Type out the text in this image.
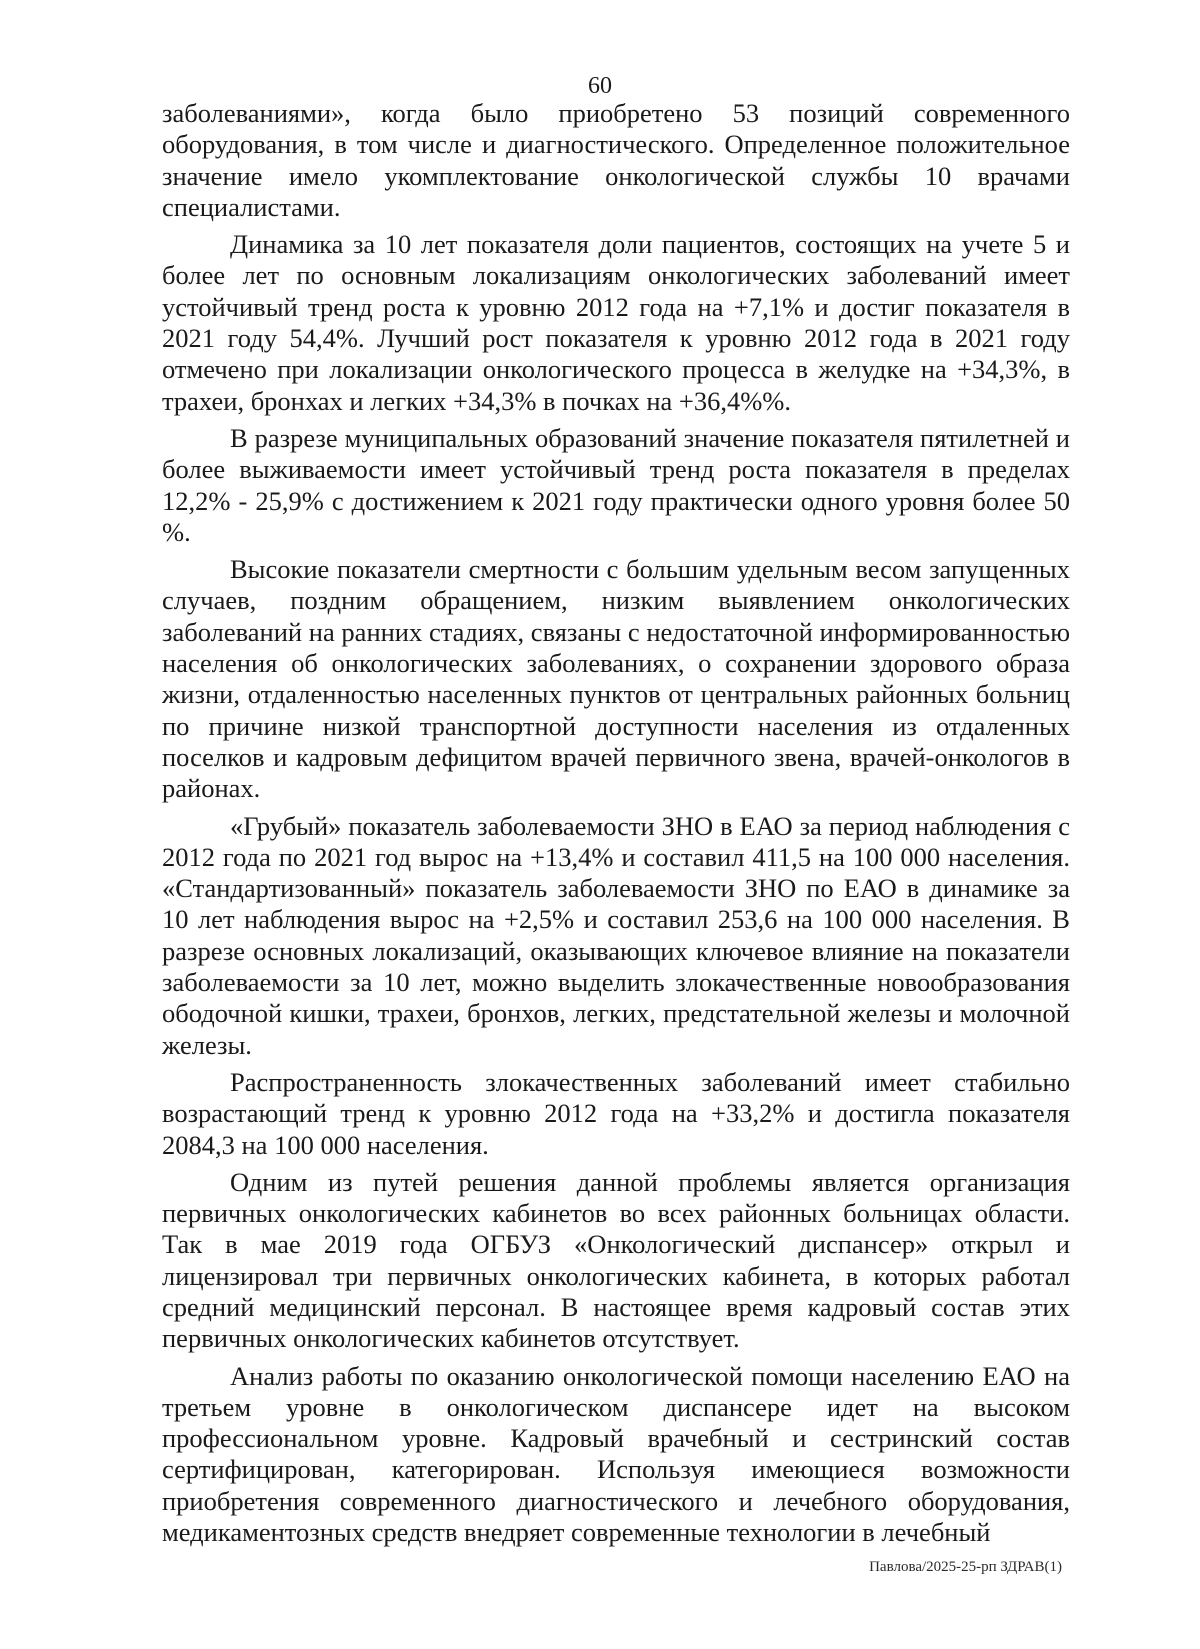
60

заболеваниями», когда было приобретено 53 позиций современного оборудования, в том числе и диагностического. Определенное положительное значение имело укомплектование онкологической службы 10 врачами специалистами.

Динамика за 10 лет показателя доли пациентов, состоящих на учете 5 и более лет по основным локализациям онкологических заболеваний имеет устойчивый тренд роста к уровню 2012 года на +7,1% и достиг показателя в 2021 году 54,4%. Лучший рост показателя к уровню 2012 года в 2021 году отмечено при локализации онкологического процесса в желудке на +34,3%, в трахеи, бронхах и легких +34,3% в почках на +36,4%%.

В разрезе муниципальных образований значение показателя пятилетней и более выживаемости имеет устойчивый тренд роста показателя в пределах 12,2% - 25,9% с достижением к 2021 году практически одного уровня более 50 %.

Высокие показатели смертности с большим удельным весом запущенных случаев, поздним обращением, низким выявлением онкологических заболеваний на ранних стадиях, связаны с недостаточной информированностью населения об онкологических заболеваниях, о сохранении здорового образа жизни, отдаленностью населенных пунктов от центральных районных больниц по причине низкой транспортной доступности населения из отдаленных поселков и кадровым дефицитом врачей первичного звена, врачей-онкологов в районах.

«Грубый» показатель заболеваемости ЗНО в ЕАО за период наблюдения с 2012 года по 2021 год вырос на +13,4% и составил 411,5 на 100 000 населения. «Стандартизованный» показатель заболеваемости ЗНО по ЕАО в динамике за 10 лет наблюдения вырос на +2,5% и составил 253,6 на 100 000 населения. В разрезе основных локализаций, оказывающих ключевое влияние на показатели заболеваемости за 10 лет, можно выделить злокачественные новообразования ободочной кишки, трахеи, бронхов, легких, предстательной железы и молочной железы.

Распространенность злокачественных заболеваний имеет стабильно возрастающий тренд к уровню 2012 года на +33,2% и достигла показателя 2084,3 на 100 000 населения.

Одним из путей решения данной проблемы является организация первичных онкологических кабинетов во всех районных больницах области. Так в мае 2019 года ОГБУЗ «Онкологический диспансер» открыл и лицензировал три первичных онкологических кабинета, в которых работал средний медицинский персонал. В настоящее время кадровый состав этих первичных онкологических кабинетов отсутствует.

Анализ работы по оказанию онкологической помощи населению ЕАО на третьем уровне в онкологическом диспансере идет на высоком профессиональном уровне. Кадровый врачебный и сестринский состав сертифицирован, категорирован. Используя имеющиеся возможности приобретения современного диагностического и лечебного оборудования, медикаментозных средств внедряет современные технологии в лечебный

Павлова/2025-25-рп ЗДРАВ(1)
